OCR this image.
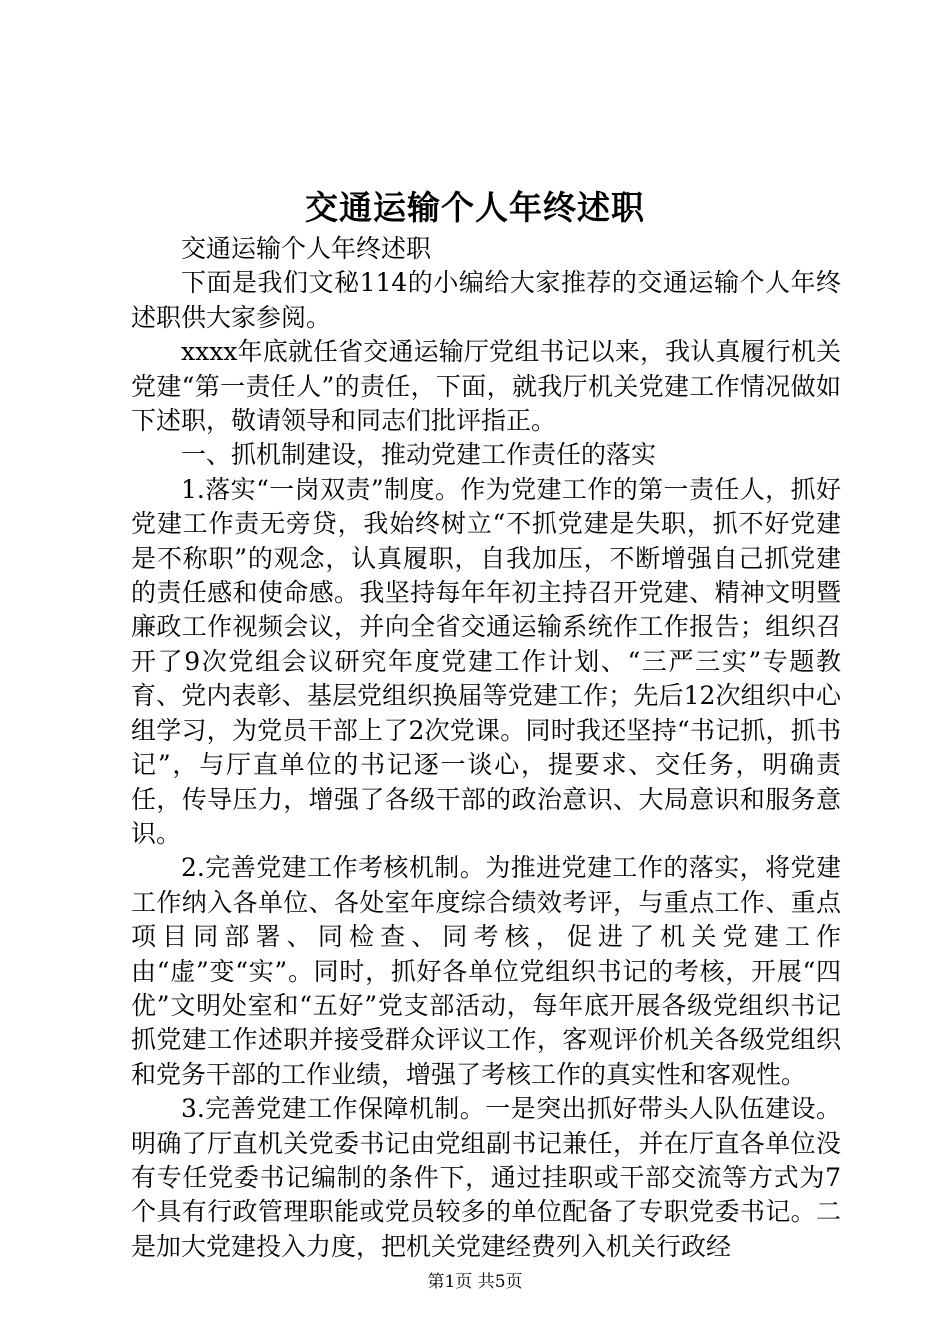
交通运输个人年终述职

交通运输个人年终述职

下面是我们文秘114的小编给大家推荐的交通运输个人年终述职供大家参阅。

xxxx年底就任省交通运输厅党组书记以来，我认真履行机关党建“第一责任人”的责任，下面，就我厅机关党建工作情况做如下述职，敬请领导和同志们批评指正。

一、抓机制建设，推动党建工作责任的落实

1.落实“一岗双责”制度。作为党建工作的第一责任人，抓好党建工作责无旁贷，我始终树立“不抓党建是失职，抓不好党建是不称职”的观念，认真履职，自我加压，不断增强自己抓党建的责任感和使命感。我坚持每年年初主持召开党建、精神文明暨廉政工作视频会议，并向全省交通运输系统作工作报告；组织召开了9次党组会议研究年度党建工作计划、“三严三实”专题教育、党内表彰、基层党组织换届等党建工作；先后12次组织中心组学习，为党员干部上了2次党课。同时我还坚持“书记抓，抓书记”，与厅直单位的书记逐一谈心，提要求、交任务，明确责任，传导压力，增强了各级干部的政治意识、大局意识和服务意识。

2.完善党建工作考核机制。为推进党建工作的落实，将党建工作纳入各单位、各处室年度综合绩效考评，与重点工作、重点项目同部署、同检查、同考核，促进了机关党建工作由“虚”变“实”。同时，抓好各单位党组织书记的考核，开展“四优”文明处室和“五好”党支部活动，每年底开展各级党组织书记抓党建工作述职并接受群众评议工作，客观评价机关各级党组织和党务干部的工作业绩，增强了考核工作的真实性和客观性。

3.完善党建工作保障机制。一是突出抓好带头人队伍建设。明确了厅直机关党委书记由党组副书记兼任，并在厅直各单位没有专任党委书记编制的条件下，通过挂职或干部交流等方式为7个具有行政管理职能或党员较多的单位配备了专职党委书记。二是加大党建投入力度，把机关党建经费列入机关行政经

第1页 共5页
